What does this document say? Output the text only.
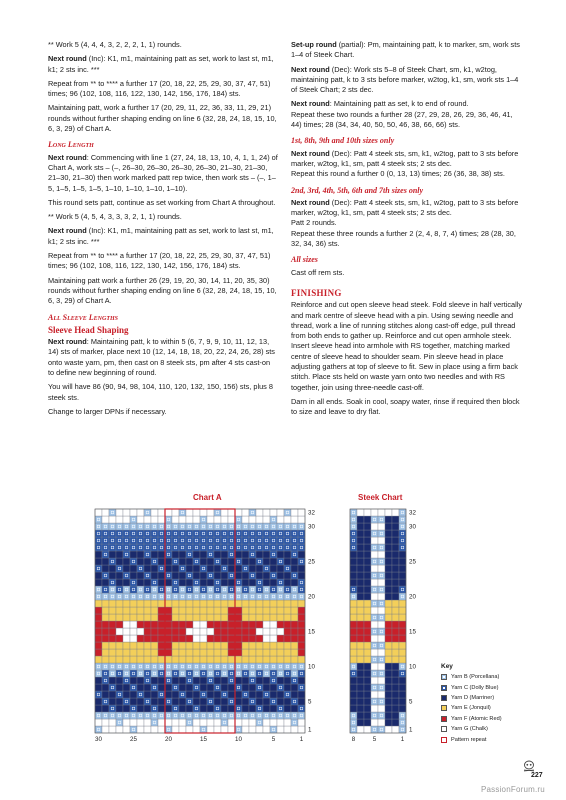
** Work 5 (4, 4, 4, 3, 2, 2, 2, 1, 1) rounds.

Next round (Inc): K1, m1, maintaining patt as set, work to last st, m1, k1; 2 sts inc. ***

Repeat from ** to **** a further 17 (20, 18, 22, 25, 29, 30, 37, 47, 51) times; 96 (102, 108, 116, 122, 130, 142, 156, 176, 184) sts.

Maintaining patt, work a further 17 (20, 29, 11, 22, 36, 33, 11, 29, 21) rounds without further shaping ending on line 6 (32, 28, 24, 18, 15, 10, 6, 3, 29) of Chart A.

Long Length

Next round: Commencing with line 1 (27, 24, 18, 13, 10, 4, 1, 1, 24) of Chart A, work sts – (–, 26–30, 26–30, 26–30, 26–30, 21–30, 21–30, 21–30, 21–30) then work marked patt rep twice, then work sts – (–, 1–5, 1–5, 1–5, 1–5, 1–10, 1–10, 1–10, 1–10).

This round sets patt, continue as set working from Chart A throughout.

** Work 5 (4, 5, 4, 3, 3, 3, 2, 1, 1) rounds.

Next round (Inc): K1, m1, maintaining patt as set, work to last st, m1, k1; 2 sts inc. ***

Repeat from ** to **** a further 17 (20, 18, 22, 25, 29, 30, 37, 47, 51) times; 96 (102, 108, 116, 122, 130, 142, 156, 176, 184) sts.

Maintaining patt work a further 26 (29, 19, 20, 30, 14, 11, 20, 35, 30) rounds without further shaping ending on line 6 (32, 28, 24, 18, 15, 10, 6, 3, 29) of Chart A.

All Sleeve Lengths
Sleeve Head Shaping

Next round: Maintaining patt, k to within 5 (6, 7, 9, 9, 10, 11, 12, 13, 14) sts of marker, place next 10 (12, 14, 18, 18, 20, 22, 24, 26, 28) sts onto waste yarn, pm, then cast on 8 steek sts, pm after 4 sts cast-on to define new beginning of round.

You will have 86 (90, 94, 98, 104, 110, 120, 132, 150, 156) sts, plus 8 steek sts.

Change to larger DPNs if necessary.

Set-up round (partial): Pm, maintaining patt, k to marker, sm, work sts 1–4 of Steek Chart.

Next round (Dec): Work sts 5–8 of Steek Chart, sm, k1, w2tog, maintaining patt, k to 3 sts before marker, w2tog, k1, sm, work sts 1–4 of Steek Chart; 2 sts dec.

Next round: Maintaining patt as set, k to end of round.

Repeat these two rounds a further 28 (27, 29, 28, 26, 29, 36, 46, 41, 44) times; 28 (34, 34, 40, 50, 50, 46, 38, 66, 66) sts.

1st, 8th, 9th and 10th sizes only

Next round (Dec): Patt 4 steek sts, sm, k1, w2tog, patt to 3 sts before marker, w2tog, k1, sm, patt 4 steek sts; 2 sts dec.

Repeat this round a further 0 (0, 13, 13) times; 26 (36, 38, 38) sts.

2nd, 3rd, 4th, 5th, 6th and 7th sizes only

Next round (Dec): Patt 4 steek sts, sm, k1, w2tog, patt to 3 sts before marker, w2tog, k1, sm, patt 4 steek sts; 2 sts dec.

Patt 2 rounds.

Repeat these three rounds a further 2 (2, 4, 8, 7, 4) times; 28 (28, 30, 32, 34, 36) sts.

All sizes

Cast off rem sts.

FINISHING

Reinforce and cut open sleeve head steek. Fold sleeve in half vertically and mark centre of sleeve head with a pin. Using sewing needle and thread, work a line of running stitches along cast-off edge, pull thread from both ends to gather up. Reinforce and cut open armhole steek. Insert sleeve head into armhole with RS together, matching marked centre of sleeve head to shoulder seam. Pin sleeve head in place adjusting gathers at top of sleeve to fit. Sew in place using a firm back stitch. Place sts held on waste yarn onto two needles and with RS together, join using three-needle cast-off.

Darn in all ends. Soak in cool, soapy water, rinse if required then block to size and leave to dry flat.

Chart A	Steek Chart
1	1
5	5
10	10
15	15
20	20
25	25
30	30
32	32
30	25	20	15	10	5	1	8	5	1
Key
Yarn B (Porcellana)
Yarn C (Dolly Blue)
Yarn D (Marriner)
Yarn E (Jonquil)
Yarn F (Atomic Red)
Yarn G (Chalk)
Pattern repeat
227
PassionForum.ru
